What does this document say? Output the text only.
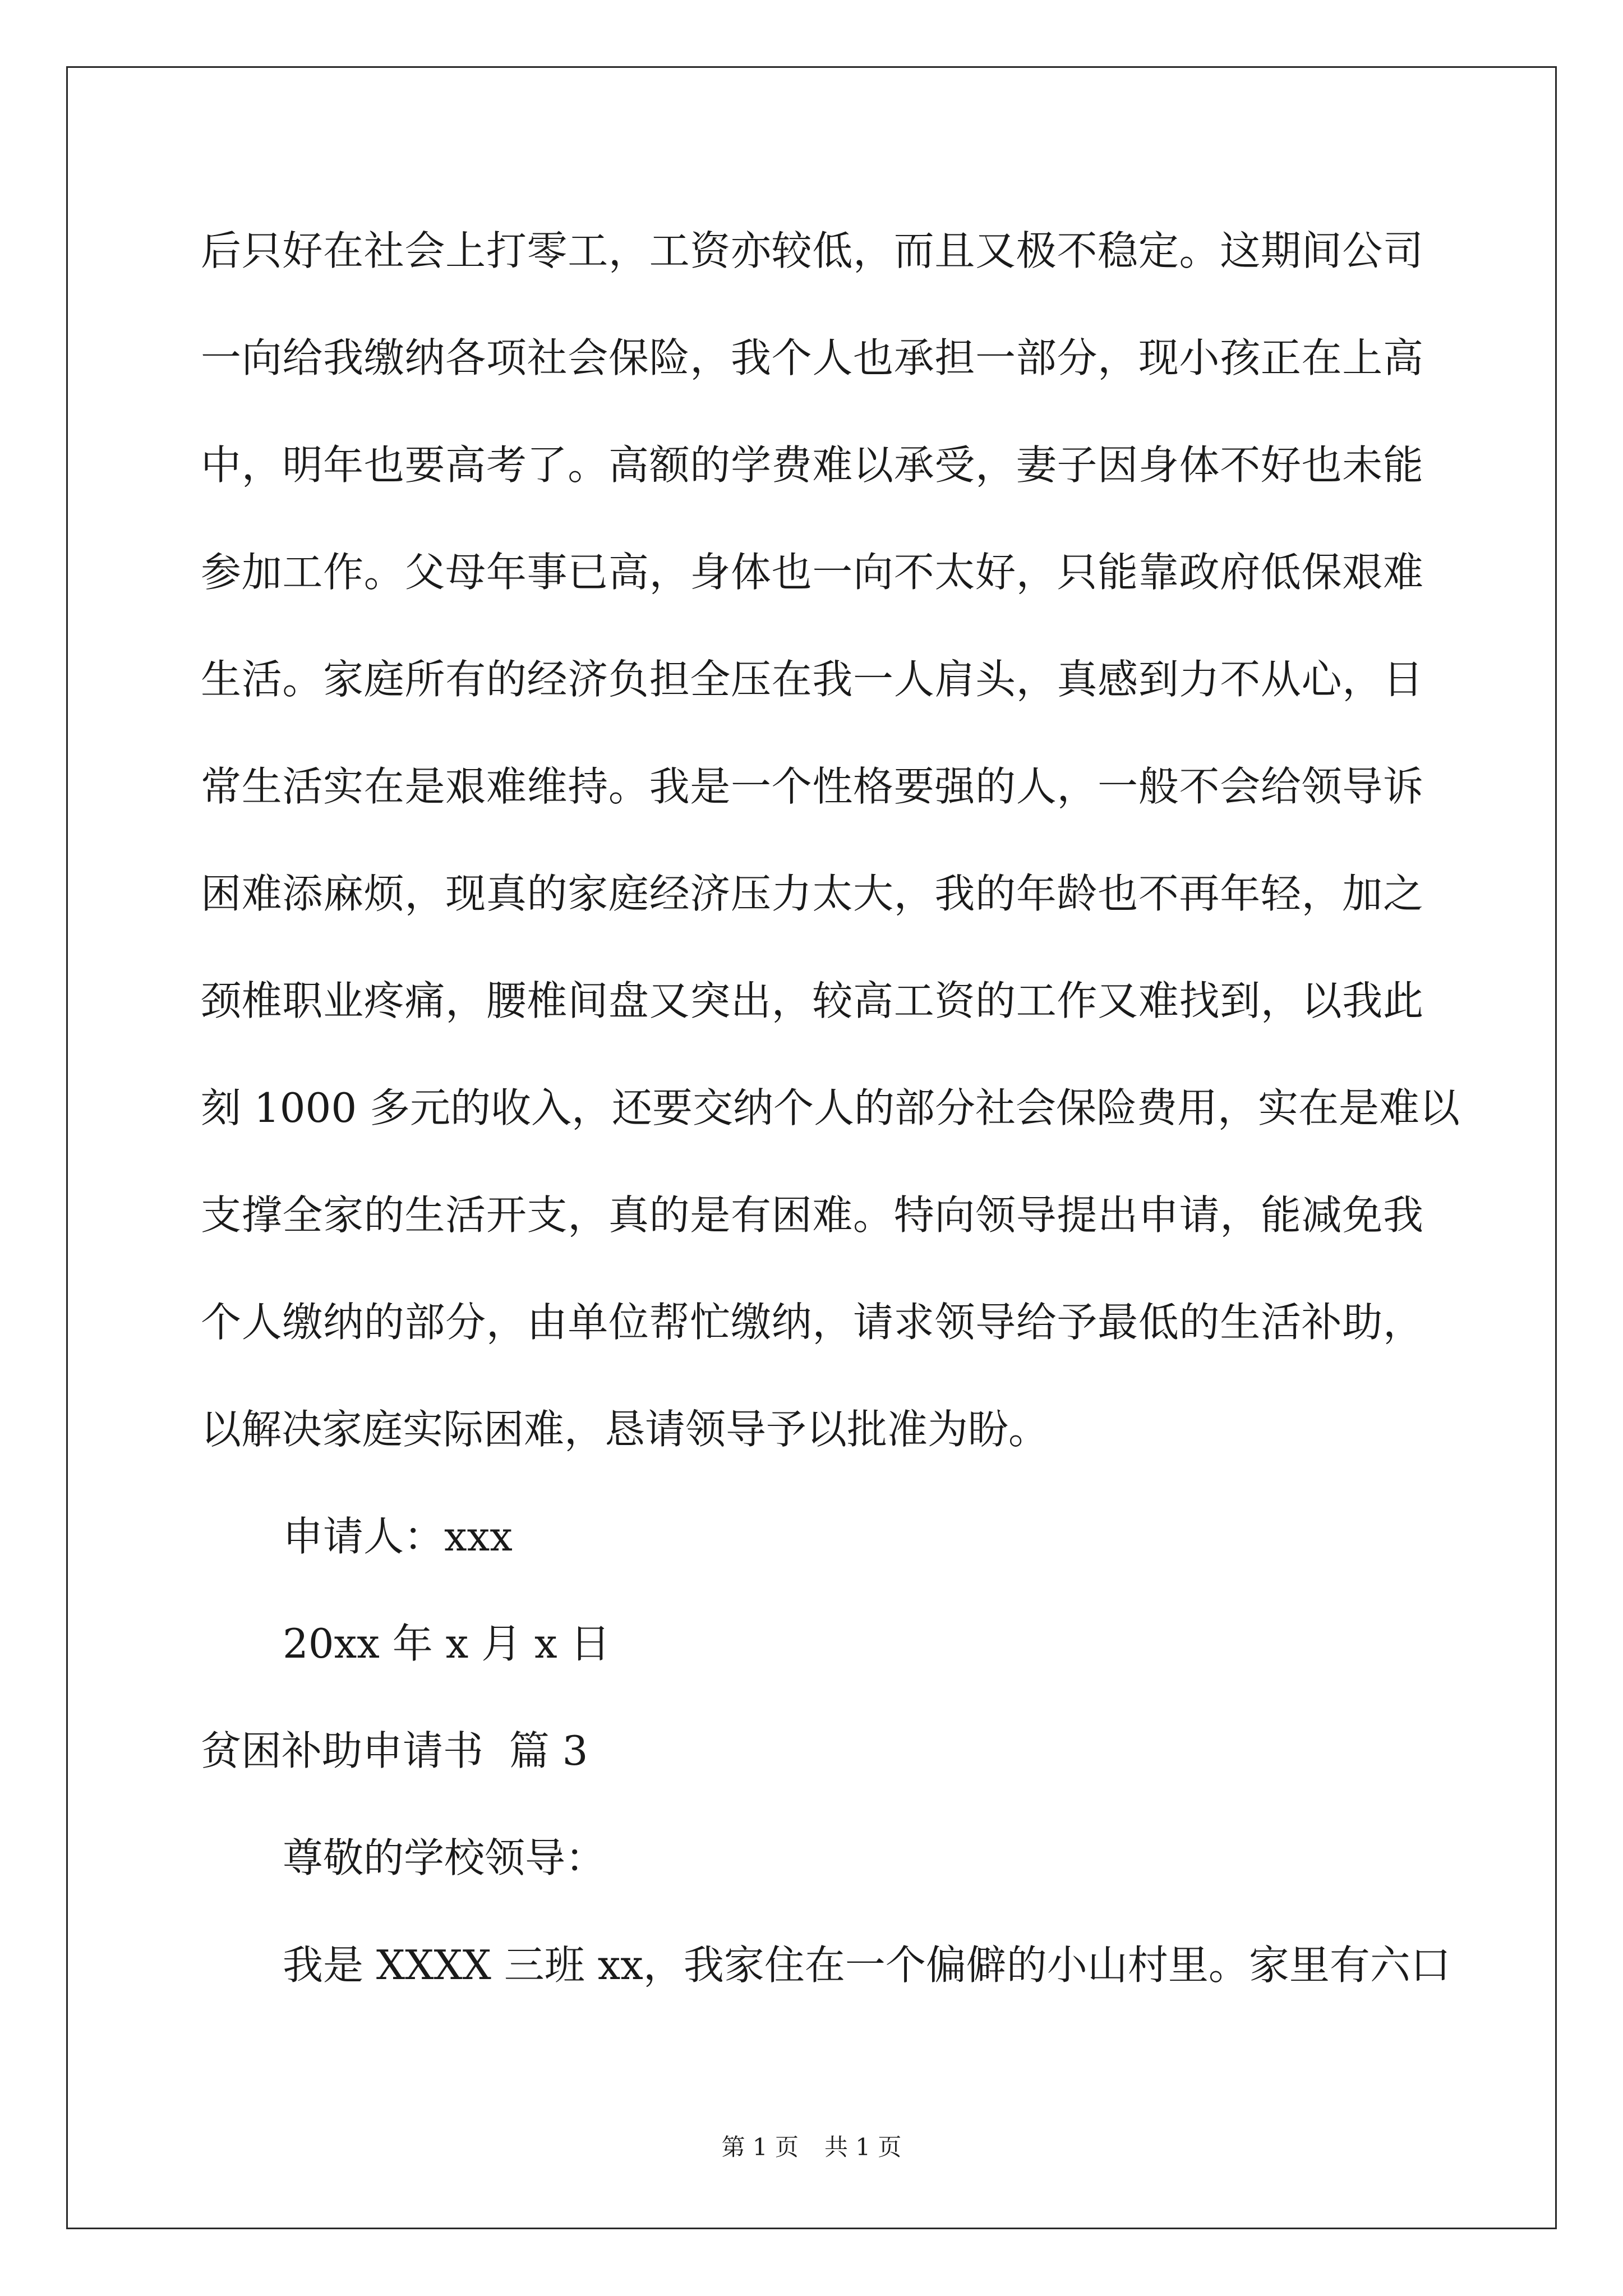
后只好在社会上打零工，工资亦较低，而且又极不稳定。这期间公司
一向给我缴纳各项社会保险，我个人也承担一部分，现小孩正在上高
中，明年也要高考了。高额的学费难以承受，妻子因身体不好也未能
参加工作。父母年事已高，身体也一向不太好，只能靠政府低保艰难
生活。家庭所有的经济负担全压在我一人肩头，真感到力不从心，日
常生活实在是艰难维持。我是一个性格要强的人，一般不会给领导诉
困难添麻烦，现真的家庭经济压力太大，我的年龄也不再年轻，加之
颈椎职业疼痛，腰椎间盘又突出，较高工资的工作又难找到，以我此
刻 1000 多元的收入，还要交纳个人的部分社会保险费用，实在是难以
支撑全家的生活开支，真的是有困难。特向领导提出申请，能减免我
个人缴纳的部分，由单位帮忙缴纳，请求领导给予最低的生活补助，
以解决家庭实际困难，恳请领导予以批准为盼。
申请人：xxx
20xx 年 x 月 x 日
贫困补助申请书  篇 3
尊敬的学校领导：
我是 XXXX 三班 xx，我家住在一个偏僻的小山村里。家里有六口
第 1 页 共 1 页
